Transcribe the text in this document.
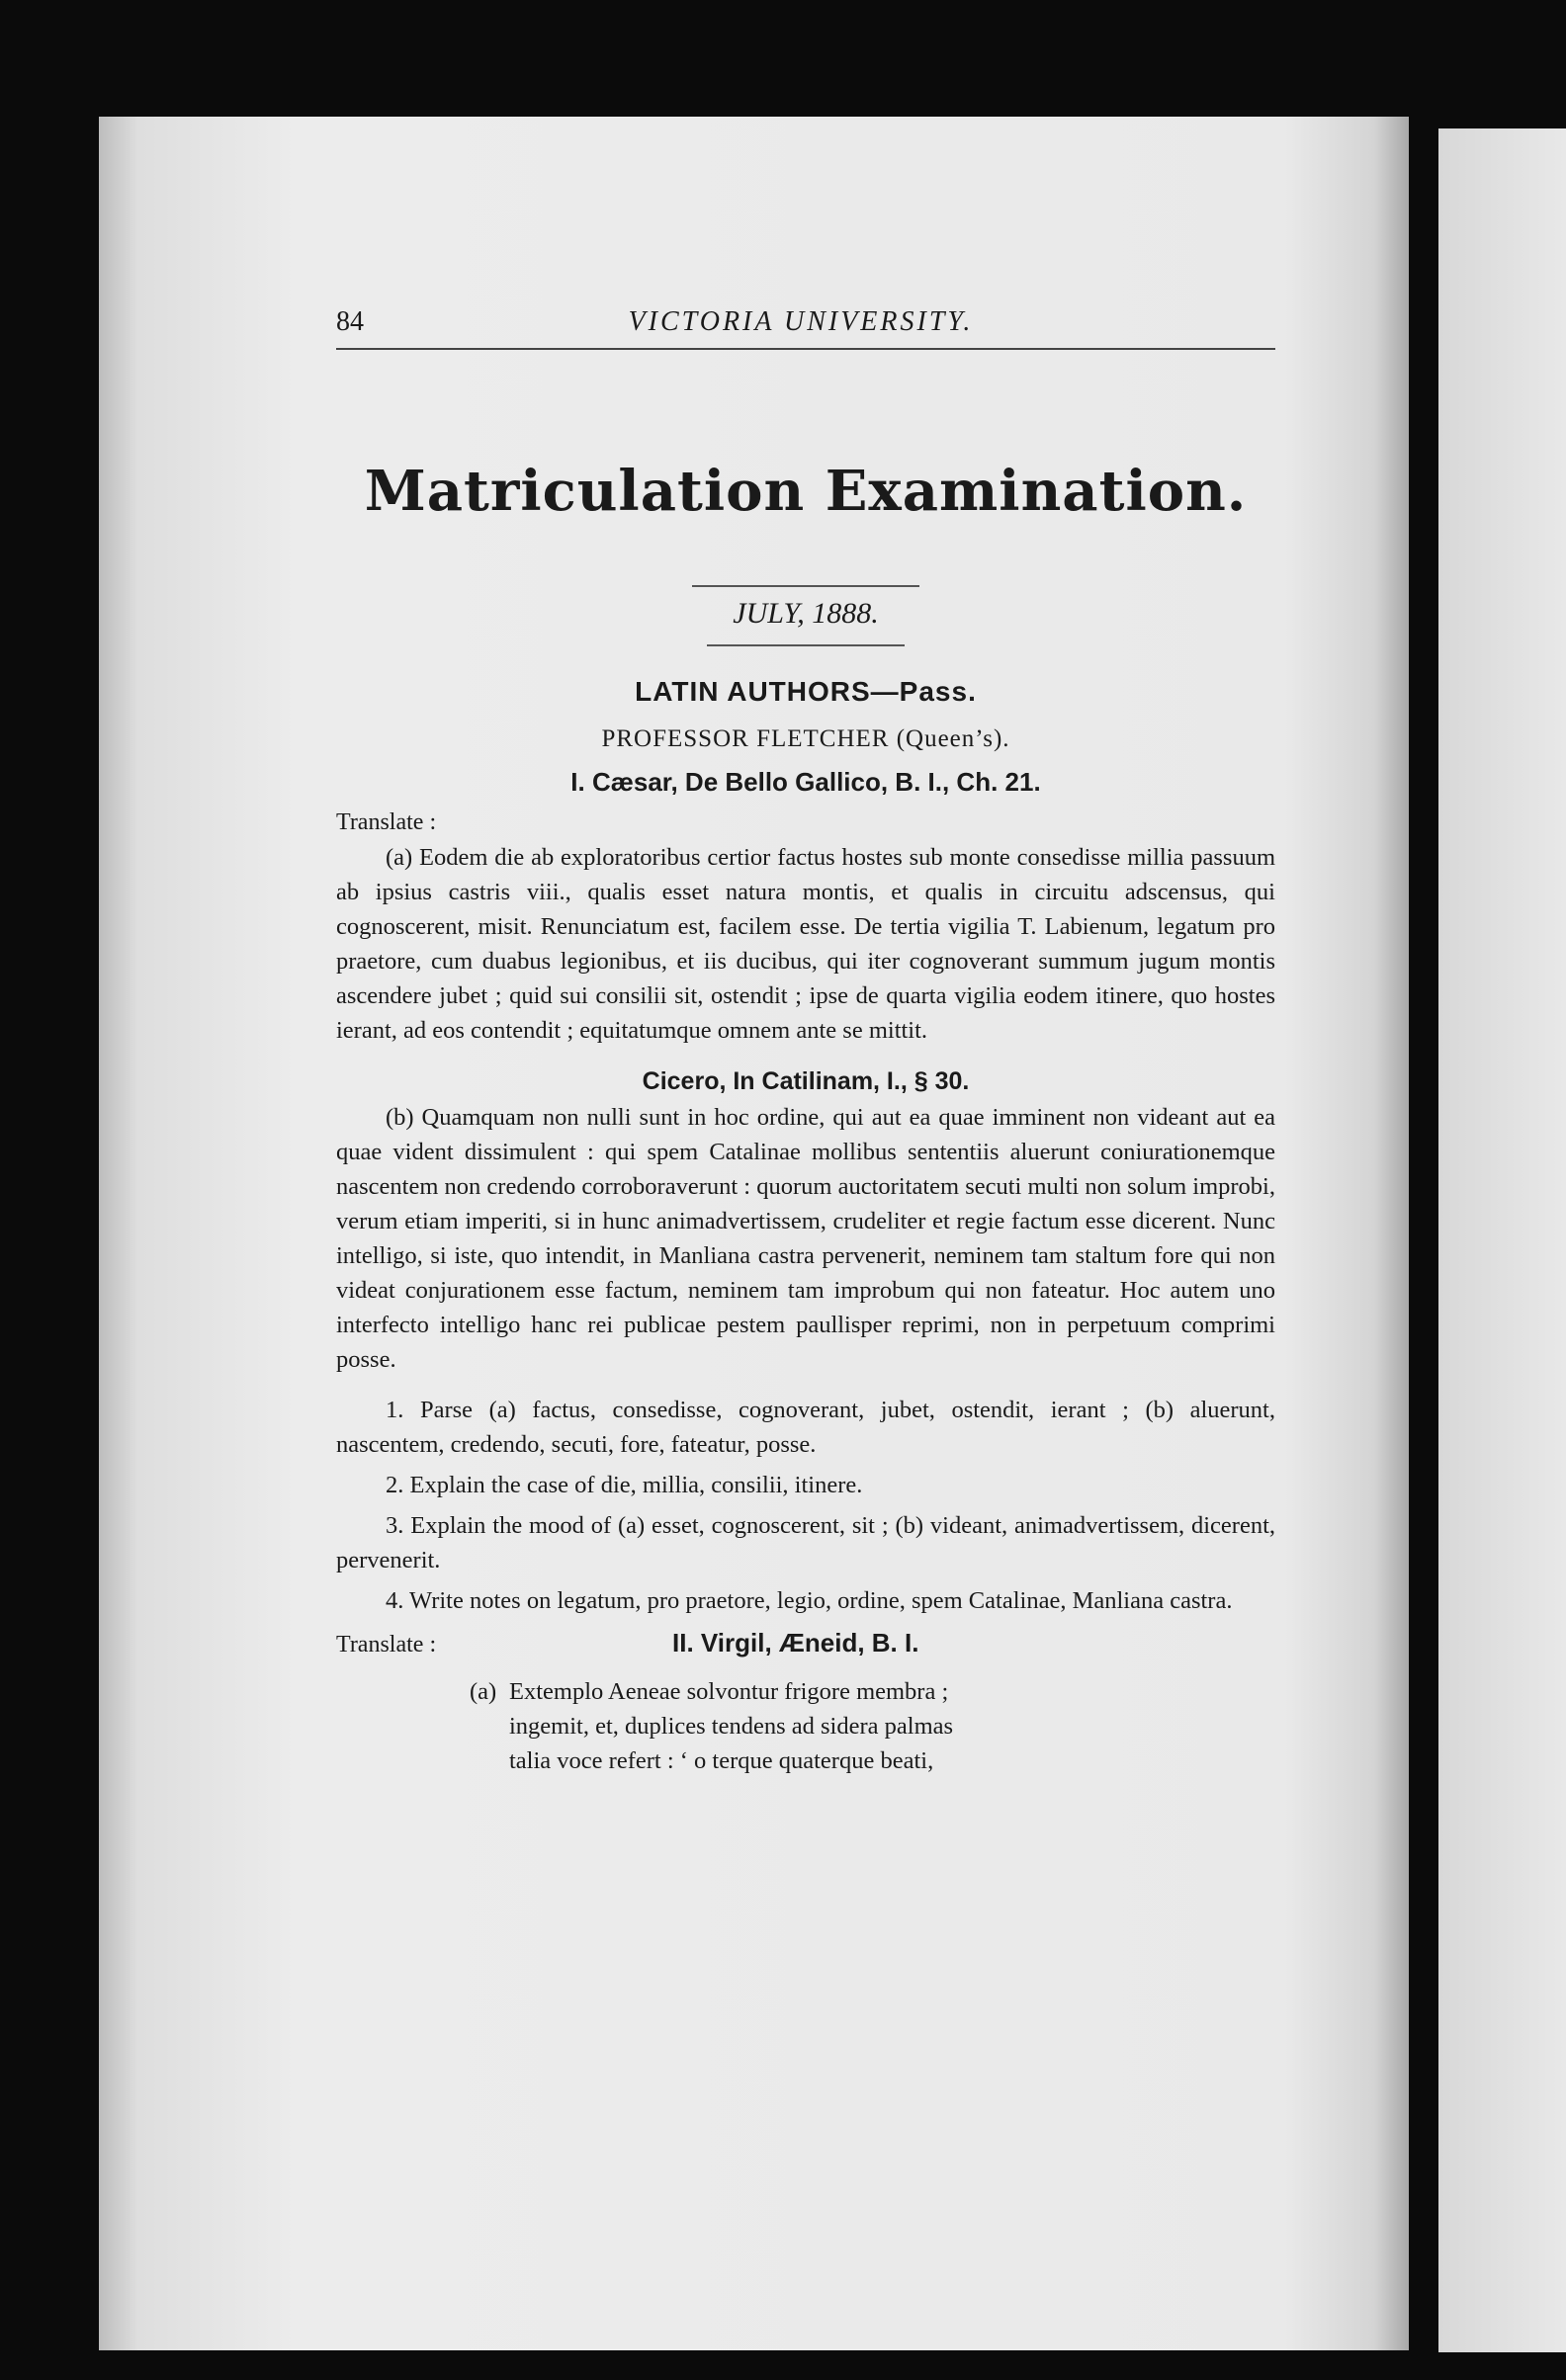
84	VICTORIA UNIVERSITY.
Matriculation Examination.
JULY, 1888.
LATIN AUTHORS—Pass.
PROFESSOR FLETCHER (Queen’s).
I. Cæsar, De Bello Gallico, B. I., Ch. 21.
Translate :

(a) Eodem die ab exploratoribus certior factus hostes sub monte consedisse millia passuum ab ipsius castris viii., qualis esset natura montis, et qualis in circuitu adscensus, qui cognoscerent, misit. Renunciatum est, facilem esse. De tertia vigilia T. Labienum, legatum pro praetore, cum duabus legionibus, et iis ducibus, qui iter cognoverant summum jugum montis ascendere jubet ; quid sui consilii sit, ostendit ; ipse de quarta vigilia eodem itinere, quo hostes ierant, ad eos contendit ; equitatumque omnem ante se mittit.

Cicero, In Catilinam, I., § 30.

(b) Quamquam non nulli sunt in hoc ordine, qui aut ea quae imminent non videant aut ea quae vident dissimulent : qui spem Catalinae mollibus sententiis aluerunt coniurationemque nascentem non credendo corroboraverunt : quorum auctoritatem secuti multi non solum improbi, verum etiam imperiti, si in hunc animadvertissem, crudeliter et regie factum esse dicerent. Nunc intelligo, si iste, quo intendit, in Manliana castra pervenerit, neminem tam staltum fore qui non videat conjurationem esse factum, neminem tam improbum qui non fateatur. Hoc autem uno interfecto intelligo hanc rei publicae pestem paullisper reprimi, non in perpetuum comprimi posse.

1. Parse (a) factus, consedisse, cognoverant, jubet, ostendit, ierant ; (b) aluerunt, nascentem, credendo, secuti, fore, fateatur, posse.
2. Explain the case of die, millia, consilii, itinere.
3. Explain the mood of (a) esset, cognoscerent, sit ; (b) videant, animadvertissem, dicerent, pervenerit.
4. Write notes on legatum, pro praetore, legio, ordine, spem Catalinae, Manliana castra.
Translate :	II. Virgil, Æneid, B. I.
(a) Extemplo Aeneae solvontur frigore membra ;
ingemit, et, duplices tendens ad sidera palmas
talia voce refert : ‘ o terque quaterque beati,
